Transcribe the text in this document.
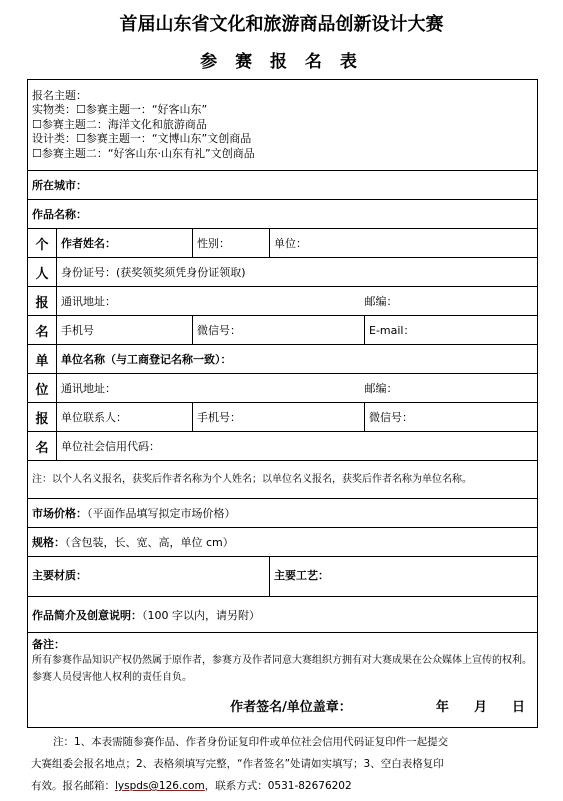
首届山东省文化和旅游商品创新设计大赛
参 赛 报 名 表
报名主题：
实物类：☐参赛主题一：“好客山东”
☐参赛主题二：海洋文化和旅游商品
设计类：☐参赛主题一：“文博山东”文创商品
☐参赛主题二：“好客山东·山东有礼”文创商品				

所在城市：				
作品名称：				
个	作者姓名：	性别：	单位：	
人	身份证号：(获奖领奖须凭身份证领取)			
报	通讯地址：			邮编：
名	手机号	微信号：		E-mail：
单	单位名称（与工商登记名称一致）：			
位	通讯地址：			邮编：
报	单位联系人：	手机号：		微信号：
名	单位社会信用代码：			
注：以个人名义报名，获奖后作者名称为个人姓名；以单位名义报名，获奖后作者名称为单位名称。				
市场价格：（平面作品填写拟定市场价格）				
规格：（含包装，长、宽、高，单位 cm）				
主要材质：			主要工艺：	
作品简介及创意说明：（100 字以内，请另附）				

备注：
所有参赛作品知识产权仍然属于原作者，参赛方及作者同意大赛组织方拥有对大赛成果在公众媒体上宣传的权利。参赛人员侵害他人权利的责任自负。
作者签名/单位盖章： 年 月 日				

注：1、本表需随参赛作品、作者身份证复印件或单位社会信用代码证复印件一起提交

大赛组委会报名地点；2、表格须填写完整，“作者签名”处请如实填写；3、空白表格复印

有效。报名邮箱：lyspds@126.com，联系方式：0531-82676202
